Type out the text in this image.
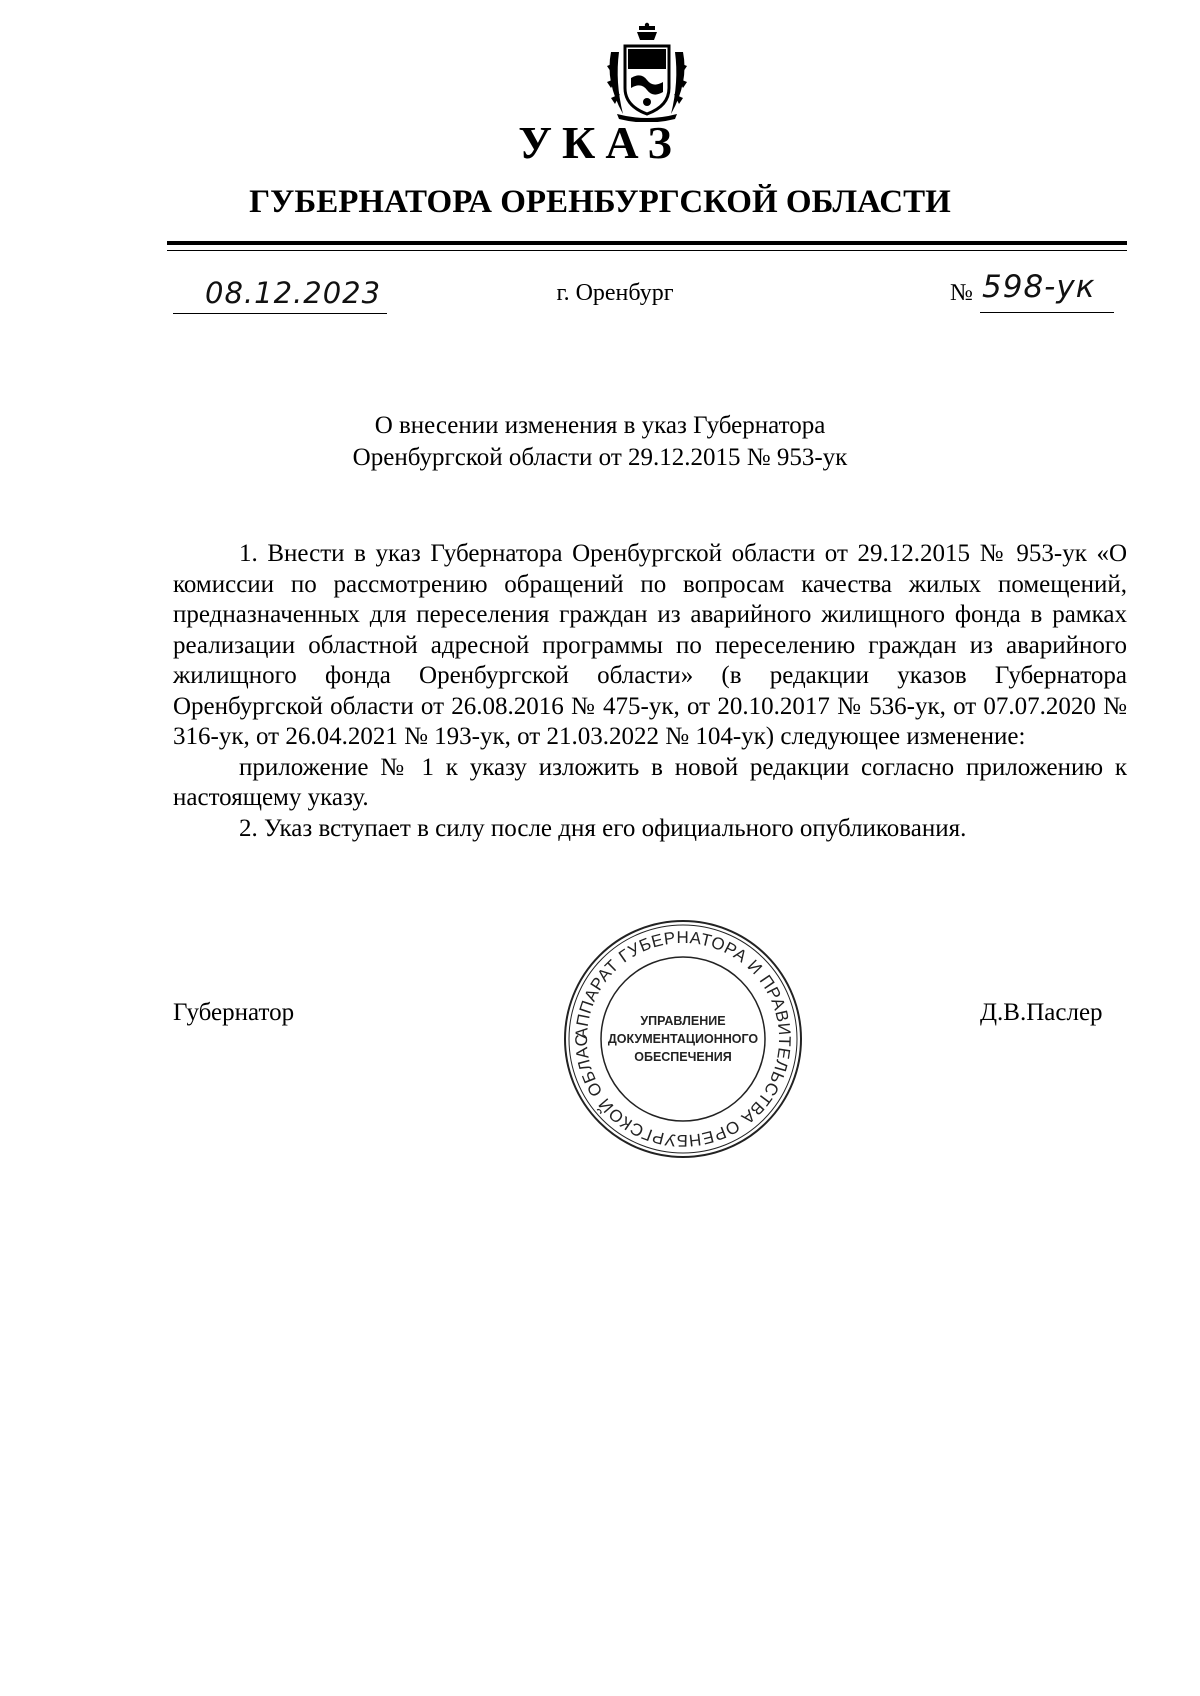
УКАЗ
ГУБЕРНАТОРА ОРЕНБУРГСКОЙ ОБЛАСТИ
08.12.2023	г. Оренбург	№ 598-ук
О внесении изменения в указ Губернатора
Оренбургской области от 29.12.2015 № 953-ук

1. Внести в указ Губернатора Оренбургской области от 29.12.2015 № 953-ук «О комиссии по рассмотрению обращений по вопросам качества жилых помещений, предназначенных для переселения граждан из аварийного жилищного фонда в рамках реализации областной адресной программы по переселению граждан из аварийного жилищного фонда Оренбургской области» (в редакции указов Губернатора Оренбургской области от 26.08.2016 № 475-ук, от 20.10.2017 № 536-ук, от 07.07.2020 № 316-ук, от 26.04.2021 № 193-ук, от 21.03.2022 № 104-ук) следующее изменение:

приложение № 1 к указу изложить в новой редакции согласно приложению к настоящему указу.

2. Указ вступает в силу после дня его официального опубликования.

Губернатор	Д.В.Паслер
АППАРАТ ГУБЕРНАТОРА И ПРАВИТЕЛЬСТВА ОРЕНБУРГСКОЙ ОБЛАС
УПРАВЛЕНИЕ
ДОКУМЕНТАЦИОННОГО
ОБЕСПЕЧЕНИЯ
